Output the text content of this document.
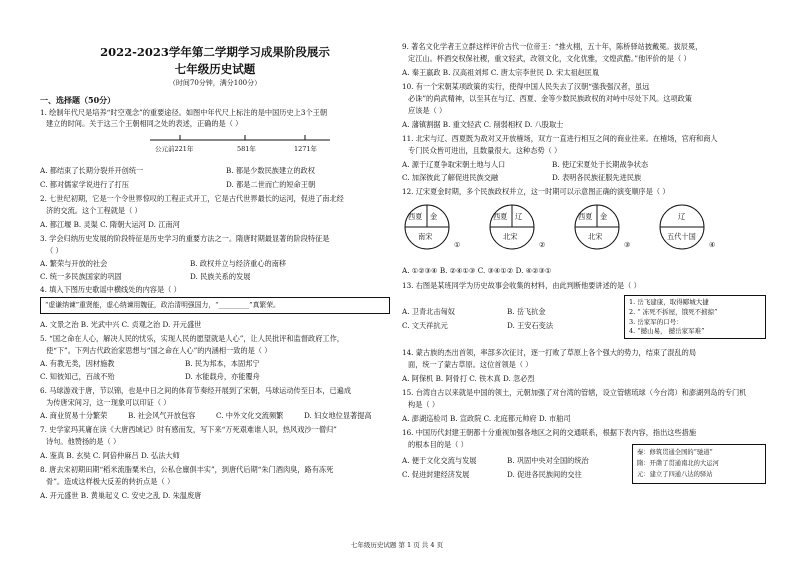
2022-2023学年第二学期学习成果阶段展示
七年级历史试题
（时间70分钟，满分100分）
一、选择题（50分）
1. 绘制年代尺是培养“时空观念”的重要途径。如图中年代尺上标注的是中国历史上3个王朝
建立的时间。关于这三个王朝相同之处的表述，正确的是（ ）
公元前221年	581年	1271年
A. 都结束了长期分裂并开创统一	B. 都是少数民族建立的政权
C. 都对儒家学说进行了打压	D. 都是二世而亡的短命王朝
2. 七世纪初期，它是一个令世界惊叹的工程正式开工，它是古代世界最长的运河，促进了南北经
济的交流。这个工程就是（ ）
A. 都江堰 B. 灵渠 C. 隋朝大运河 D. 江南河
3. 学会归纳历史发展的阶段特征是历史学习的重要方法之一。隋唐时期最显著的阶段特征是
（ ）
A. 繁荣与开放的社会	B. 政权并立与经济重心的南移
C. 统一多民族国家的巩固	D. 民族关系的发展
4. 填入下图历史歌谣中横线处的内容是（ ）
“虚谦纳谏”重贤能，虚心纳谏用魏征，政治清明强国力，“_________”真繁荣。
A. 文景之治 B. 光武中兴 C. 贞观之治 D. 开元盛世
5. “国之命在人心，解决人民的忧乐，实现人民的愿望就是人心”，让人民批评和监督政府工作，
使“下”。下列古代政治家思想与“国之命在人心”的内涵相一致的是（ ）
A. 有教无类，因材施教	B. 民为邦本，本固邦宁
C. 知彼知己，百战不殆	D. 水能载舟，亦能覆舟
6. 马球游戏于唐，节以锦，也是中日之间的体育节奏经开展到了宋朝，马球运动传至日本，已遍成
为传唐宋间习，这一现象可以印证（ ）
A. 商业贸易十分繁荣	B. 社会风气开放包容	C. 中外文化交流频繁	D. 妇女地位显著提高
7. 史学家玛其庸在读《大唐西域记》时有感而发，写下来“万死艰难谁人识，热风戏沙一僧归”
诗句。他赞扬的是（ ）
A. 鉴真 B. 玄奘 C. 阿倍仲麻吕 D. 弘法大师
8. 唐去宋初期田期“稻米流脂粟米白，公私仓廪俱丰实”，到唐代后期“朱门酒肉臭，路有冻死
骨”。造成这样极大反差的转折点是（ ）
A. 开元盛世 B. 黄巢起义 C. 安史之乱 D. 朱温废唐
9. 著名文化学者王立群这样评价古代一位帝王：“推火栩，五十年，陈桥驿站披戴冕。拔辰冕，
定江山。杯酒交权保社稷，重文轻武，改领文化，文化优雅，文煌武酷。”他评价的是（ ）
A. 秦王嬴政 B. 汉高祖刘邦 C. 唐太宗李世民 D. 宋太祖赵匡胤
10. 有一个宋朝某项政策的实行，使得中国人民失去了汉朝“强我强汉者，虽远
必诛”的尚武精神，以至其在与辽、西夏、金等少数民族政权的对峙中尽处下风。这项政策
应该是（ ）
A. 藩镇割据 B. 重文轻武 C. 削弱相权 D. 八股取士
11. 北宋与辽、西夏既为敌对又开放榷场，双方一直进行相互之间的商业往来。在榷场，官府和商人
专门民众皆可进出，且数量很大。这种态势（ ）
A. 源于辽夏争取宋朝土地与人口	B. 使辽宋夏处于长期战争状态
C. 加深彼此了解促进民族交融	D. 表明各民族征服先进民族
12. 辽宋夏金时期，多个民族政权并立，这一时期可以示意图正确的演变顺序是（ ）
西夏 金
南宋
西夏 辽
北宋
西夏 金
北宋
辽
五代十国
①	②	③	④
A. ①②③④ B. ②④①③ C. ③④①② D. ④②③①
13. 右图是某班同学为历史故事会收集的材料，由此判断他要讲述的是（ ）
A. 卫青北击匈奴	B. 岳飞抗金
C. 文天祥抗元	D. 王安石变法
1. 岳飞建康，取得郾城大捷
2. “ 冻死不拆屋，饿死不掳掠”
3. 岳家军的口号：
4. “撼山易， 撼岳家军难”
14. 蒙古族的杰出首领，率部多次征讨，逐一打败了草原上各个强大的势力，结束了混乱的局
面，统一了蒙古草原。这位首领是（ ）
A. 阿保机 B. 阿骨打 C. 铁木真 D. 忽必烈
15. 台湾自古以来就是中国的领土，元朝加强了对台湾的管辖，设立管辖琉球（今台湾）和澎湖列岛的专门机
构是（ ）
A. 澎湖巡检司 B. 宣政院 C. 北庭都元帅府 D. 市舶司
16. 中国历代封建王朝都十分重视加强各地区之间的交通联系，根据下表内容，指出这些措施
的根本目的是（ ）
A. 便于文化交流与发展	B. 巩固中央对全国的统治
C. 促进封建经济发展	D. 促进各民族间的交往
秦：修筑贯通全国的“驰道”
隋：开凿了贯通南北的大运河
元：建立了四通八达的驿站
七年级历史试题 第 1 页 共 4 页
